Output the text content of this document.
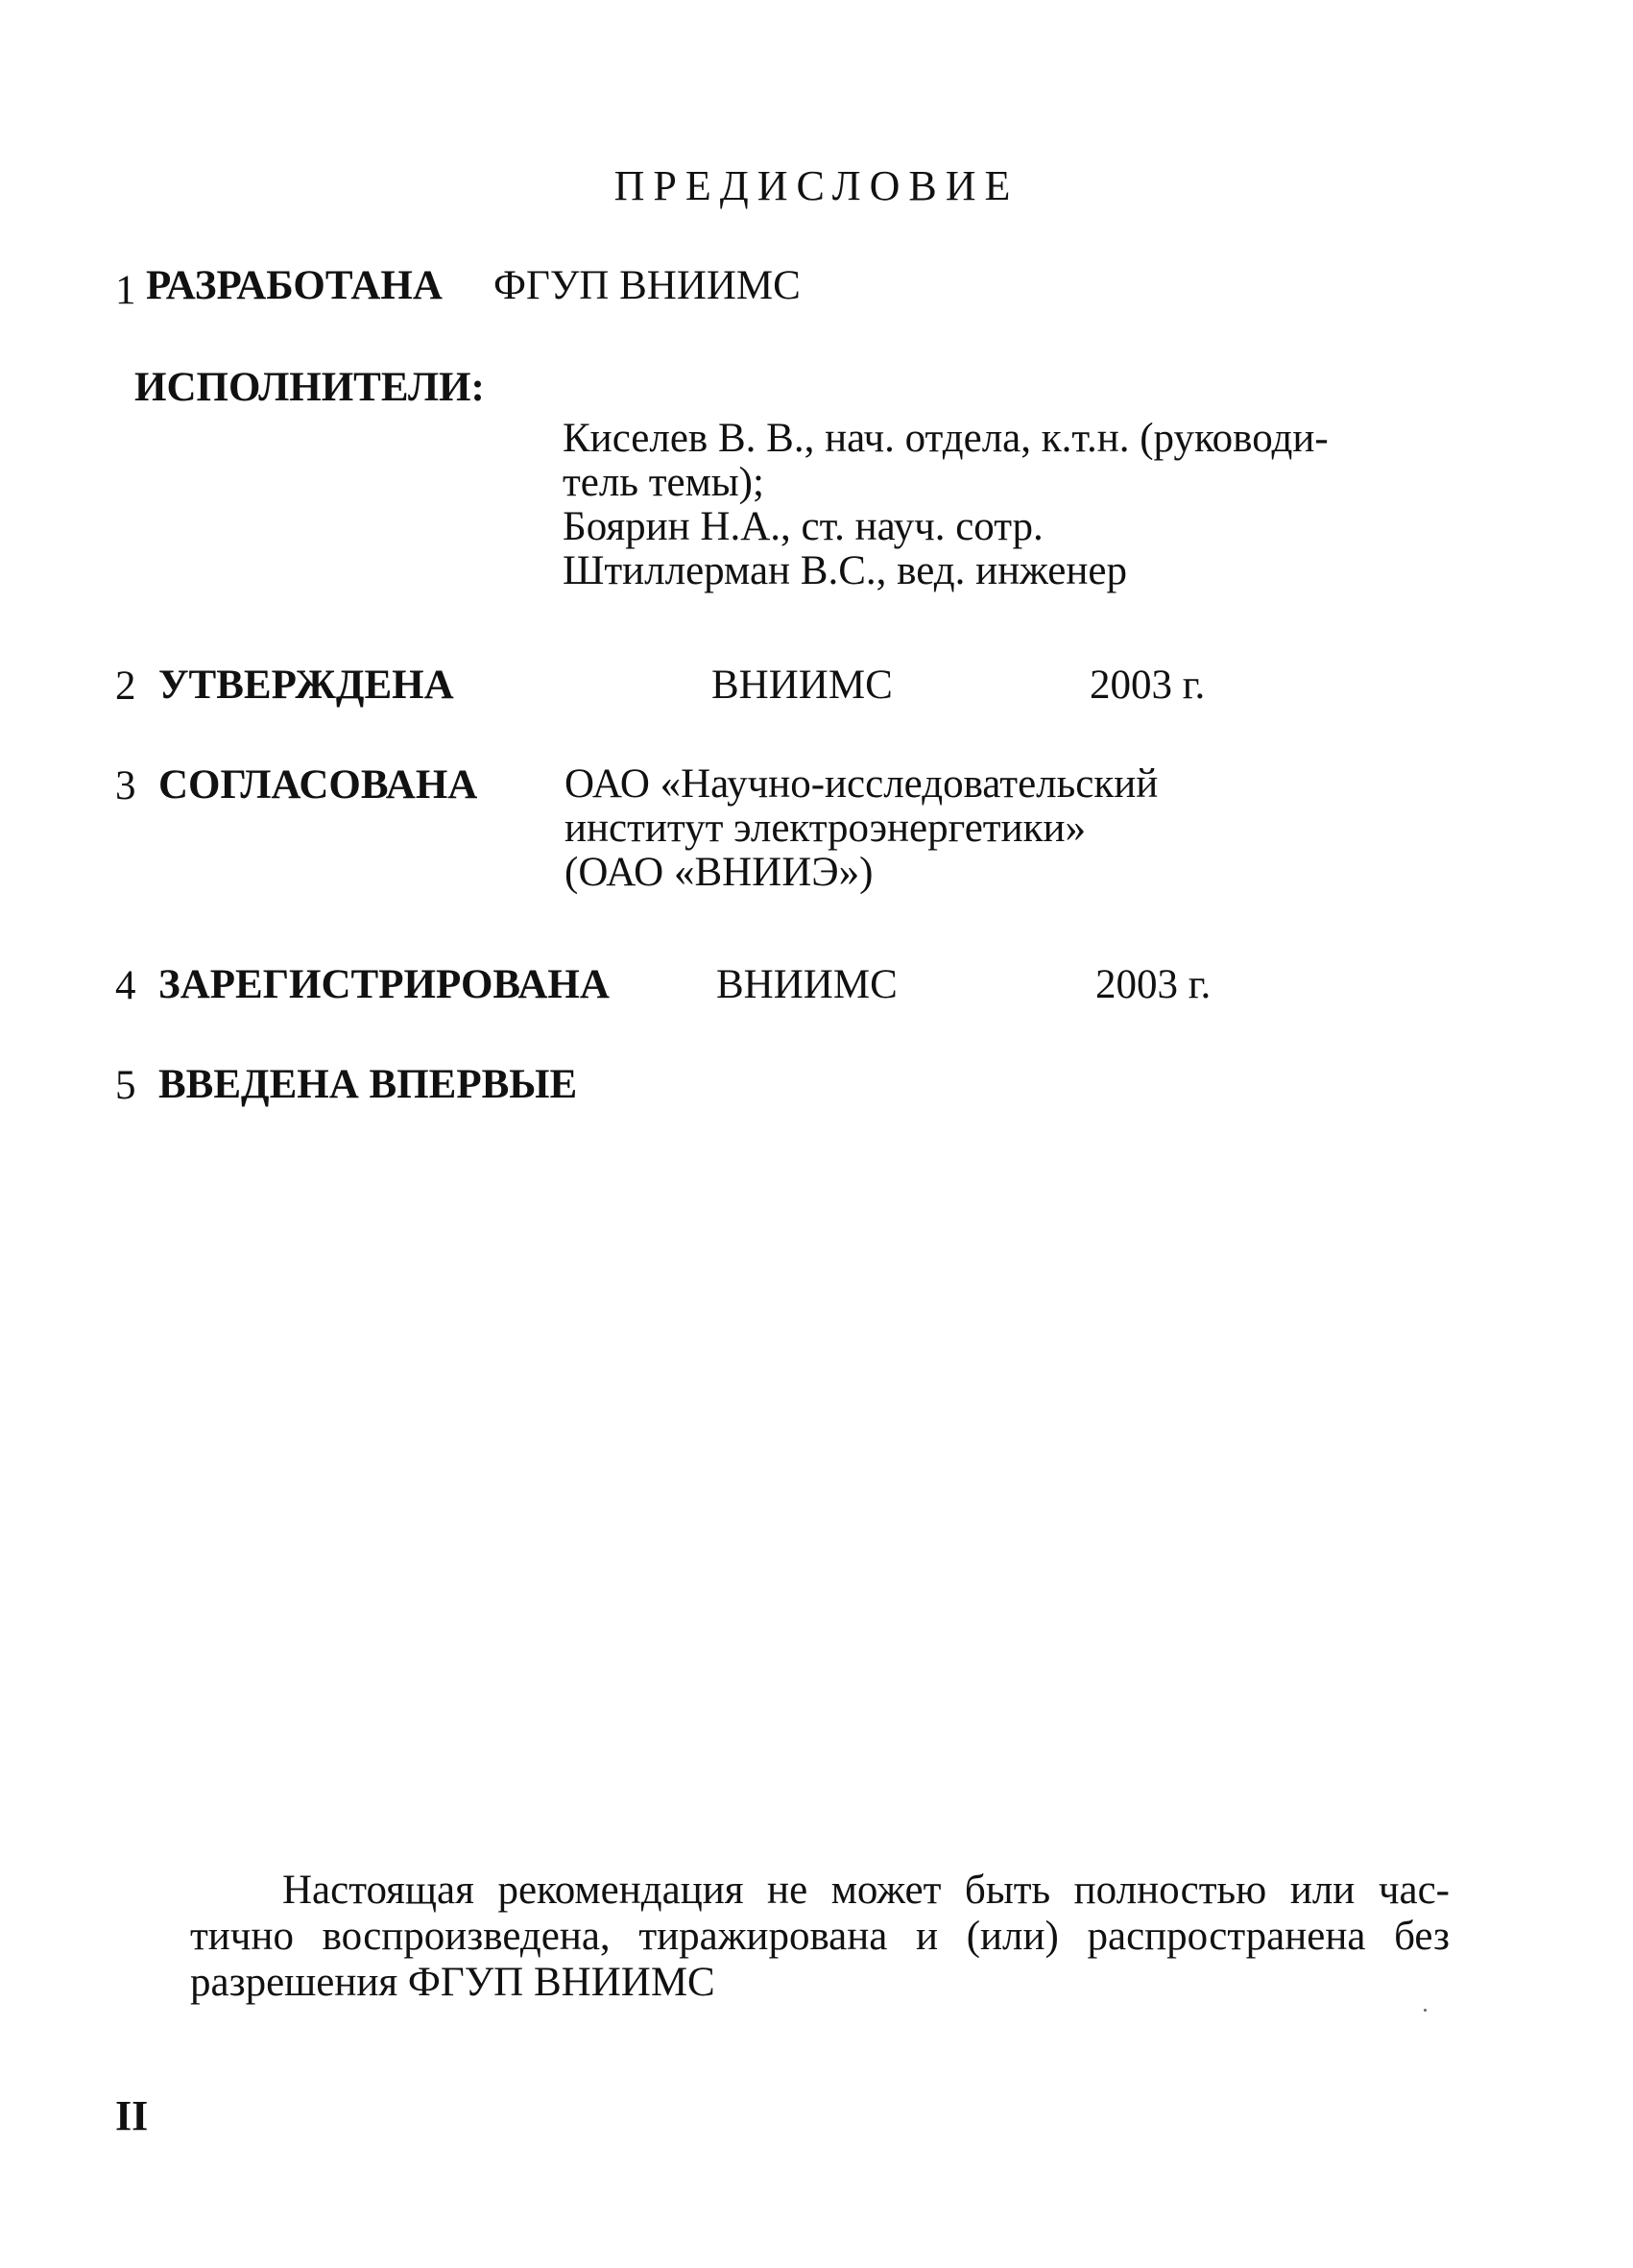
ПРЕДИСЛОВИЕ
1 РАЗРАБОТАНА ФГУП ВНИИМС
ИСПОЛНИТЕЛИ:
Киселев В. В., нач. отдела, к.т.н. (руководи-
тель темы);
Боярин Н.А., ст. науч. сотр.
Штиллерман В.С., вед. инженер
2 УТВЕРЖДЕНА	ВНИИМС	2003 г.
3 СОГЛАСОВАНА ОАО «Научно-исследовательский
институт электроэнергетики»
(ОАО «ВНИИЭ»)
4 ЗАРЕГИСТРИРОВАНА	ВНИИМС	2003 г.
5 ВВЕДЕНА ВПЕРВЫЕ
Настоящая рекомендация не может быть полностью или час-
тично воспроизведена, тиражирована и (или) распространена без
разрешения ФГУП ВНИИМС
II
